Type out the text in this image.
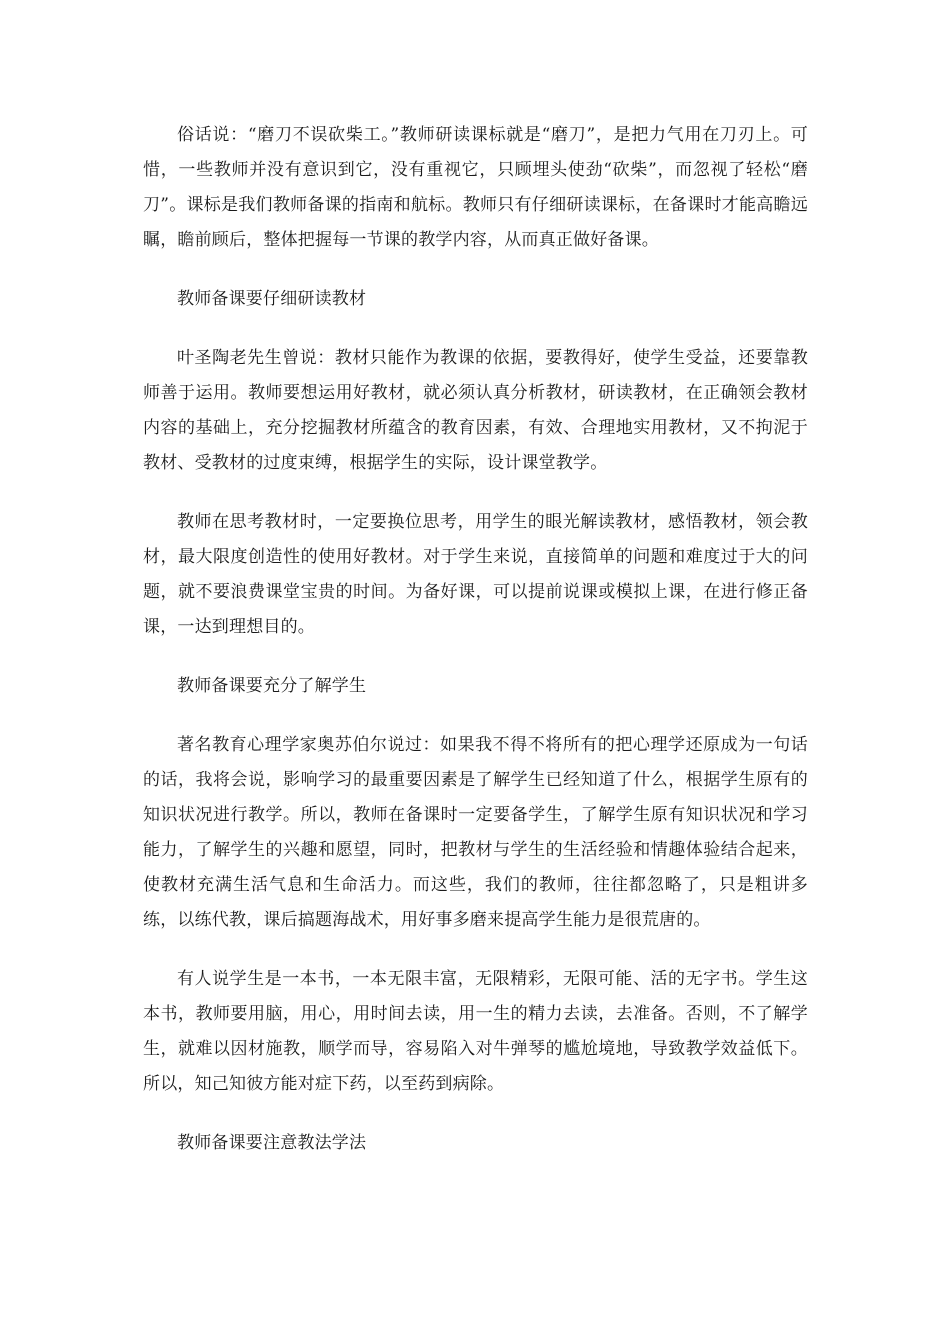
俗话说：“磨刀不误砍柴工。”教师研读课标就是“磨刀”，是把力气用在刀刃上。可惜，一些教师并没有意识到它，没有重视它，只顾埋头使劲“砍柴”，而忽视了轻松“磨刀”。课标是我们教师备课的指南和航标。教师只有仔细研读课标，在备课时才能高瞻远瞩，瞻前顾后，整体把握每一节课的教学内容，从而真正做好备课。

教师备课要仔细研读教材

叶圣陶老先生曾说：教材只能作为教课的依据，要教得好，使学生受益，还要靠教师善于运用。教师要想运用好教材，就必须认真分析教材，研读教材，在正确领会教材内容的基础上，充分挖掘教材所蕴含的教育因素，有效、合理地实用教材，又不拘泥于教材、受教材的过度束缚，根据学生的实际，设计课堂教学。

教师在思考教材时，一定要换位思考，用学生的眼光解读教材，感悟教材，领会教材，最大限度创造性的使用好教材。对于学生来说，直接简单的问题和难度过于大的问题，就不要浪费课堂宝贵的时间。为备好课，可以提前说课或模拟上课，在进行修正备课，一达到理想目的。

教师备课要充分了解学生

著名教育心理学家奥苏伯尔说过：如果我不得不将所有的把心理学还原成为一句话的话，我将会说，影响学习的最重要因素是了解学生已经知道了什么，根据学生原有的知识状况进行教学。所以，教师在备课时一定要备学生，了解学生原有知识状况和学习能力，了解学生的兴趣和愿望，同时，把教材与学生的生活经验和情趣体验结合起来，使教材充满生活气息和生命活力。而这些，我们的教师，往往都忽略了，只是粗讲多练，以练代教，课后搞题海战术，用好事多磨来提高学生能力是很荒唐的。

有人说学生是一本书，一本无限丰富，无限精彩，无限可能、活的无字书。学生这本书，教师要用脑，用心，用时间去读，用一生的精力去读，去准备。否则，不了解学生，就难以因材施教，顺学而导，容易陷入对牛弹琴的尴尬境地，导致教学效益低下。所以，知己知彼方能对症下药，以至药到病除。

教师备课要注意教法学法
